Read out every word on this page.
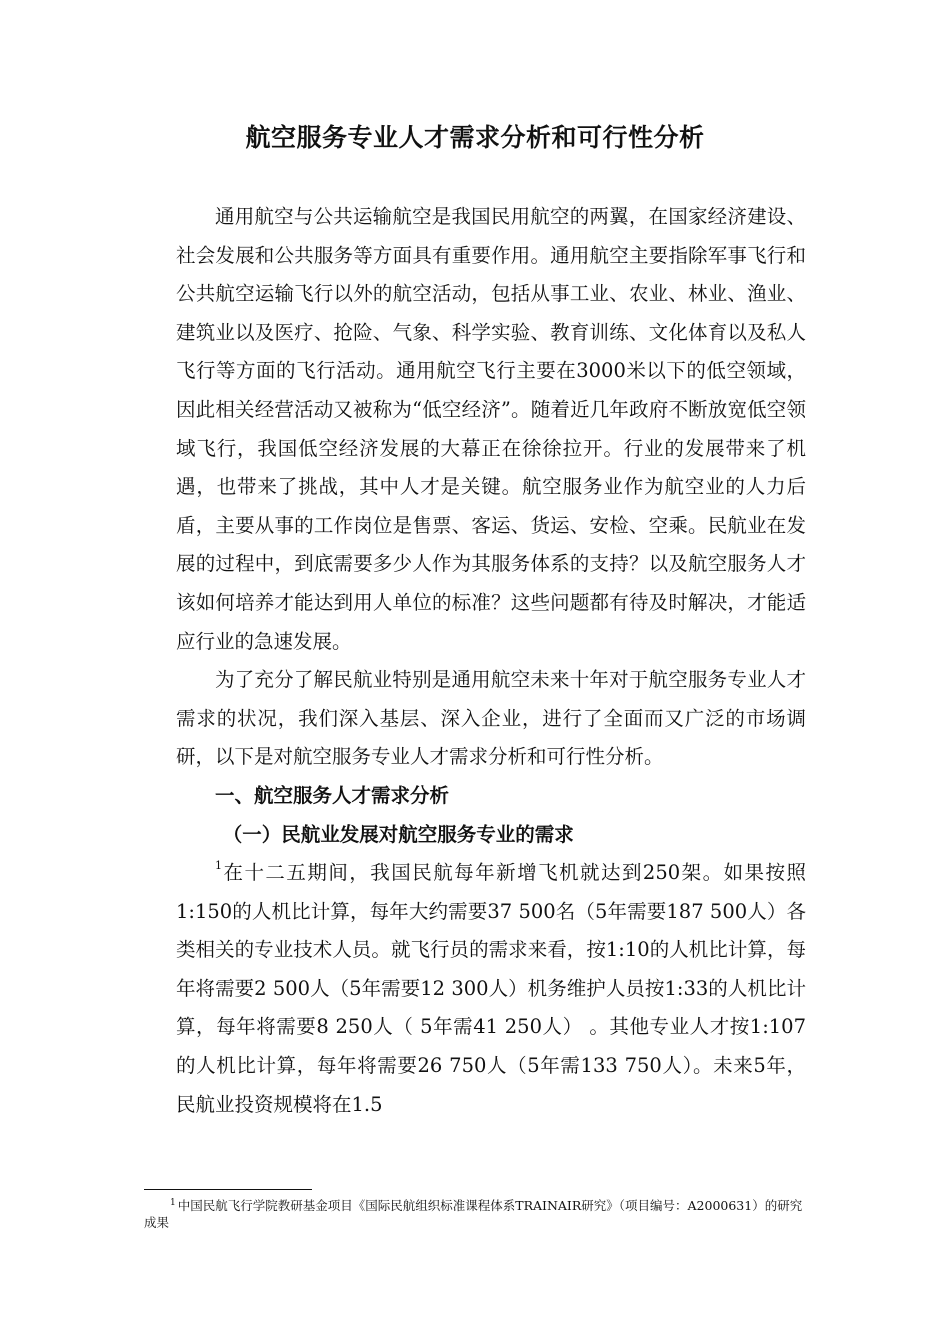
航空服务专业人才需求分析和可行性分析

通用航空与公共运输航空是我国民用航空的两翼，在国家经济建设、社会发展和公共服务等方面具有重要作用。通用航空主要指除军事飞行和公共航空运输飞行以外的航空活动，包括从事工业、农业、林业、渔业、建筑业以及医疗、抢险、气象、科学实验、教育训练、文化体育以及私人飞行等方面的飞行活动。通用航空飞行主要在3000米以下的低空领域，因此相关经营活动又被称为“低空经济”。随着近几年政府不断放宽低空领域飞行，我国低空经济发展的大幕正在徐徐拉开。行业的发展带来了机遇，也带来了挑战，其中人才是关键。航空服务业作为航空业的人力后盾，主要从事的工作岗位是售票、客运、货运、安检、空乘。民航业在发展的过程中，到底需要多少人作为其服务体系的支持？以及航空服务人才该如何培养才能达到用人单位的标准？这些问题都有待及时解决，才能适应行业的急速发展。

为了充分了解民航业特别是通用航空未来十年对于航空服务专业人才需求的状况，我们深入基层、深入企业，进行了全面而又广泛的市场调研，以下是对航空服务专业人才需求分析和可行性分析。

一、航空服务人才需求分析
（一）民航业发展对航空服务专业的需求

$^1$在十二五期间，我国民航每年新增飞机就达到250架。如果按照1:150的人机比计算，每年大约需要37 500名（5年需要187 500人）各类相关的专业技术人员。就飞行员的需求来看，按1:10的人机比计算，每年将需要2 500人（5年需要12 300人）机务维护人员按1:33的人机比计算，每年将需要8 250人（ 5年需41 250人） 。其他专业人才按1:107的人机比计算，每年将需要26 750人（5年需133 750人）。未来5年，民航业投资规模将在1.5

$^1$ 中国民航飞行学院教研基金项目《国际民航组织标准课程体系TRAINAIR研究》（项目编号：A2000631）的研究成果
